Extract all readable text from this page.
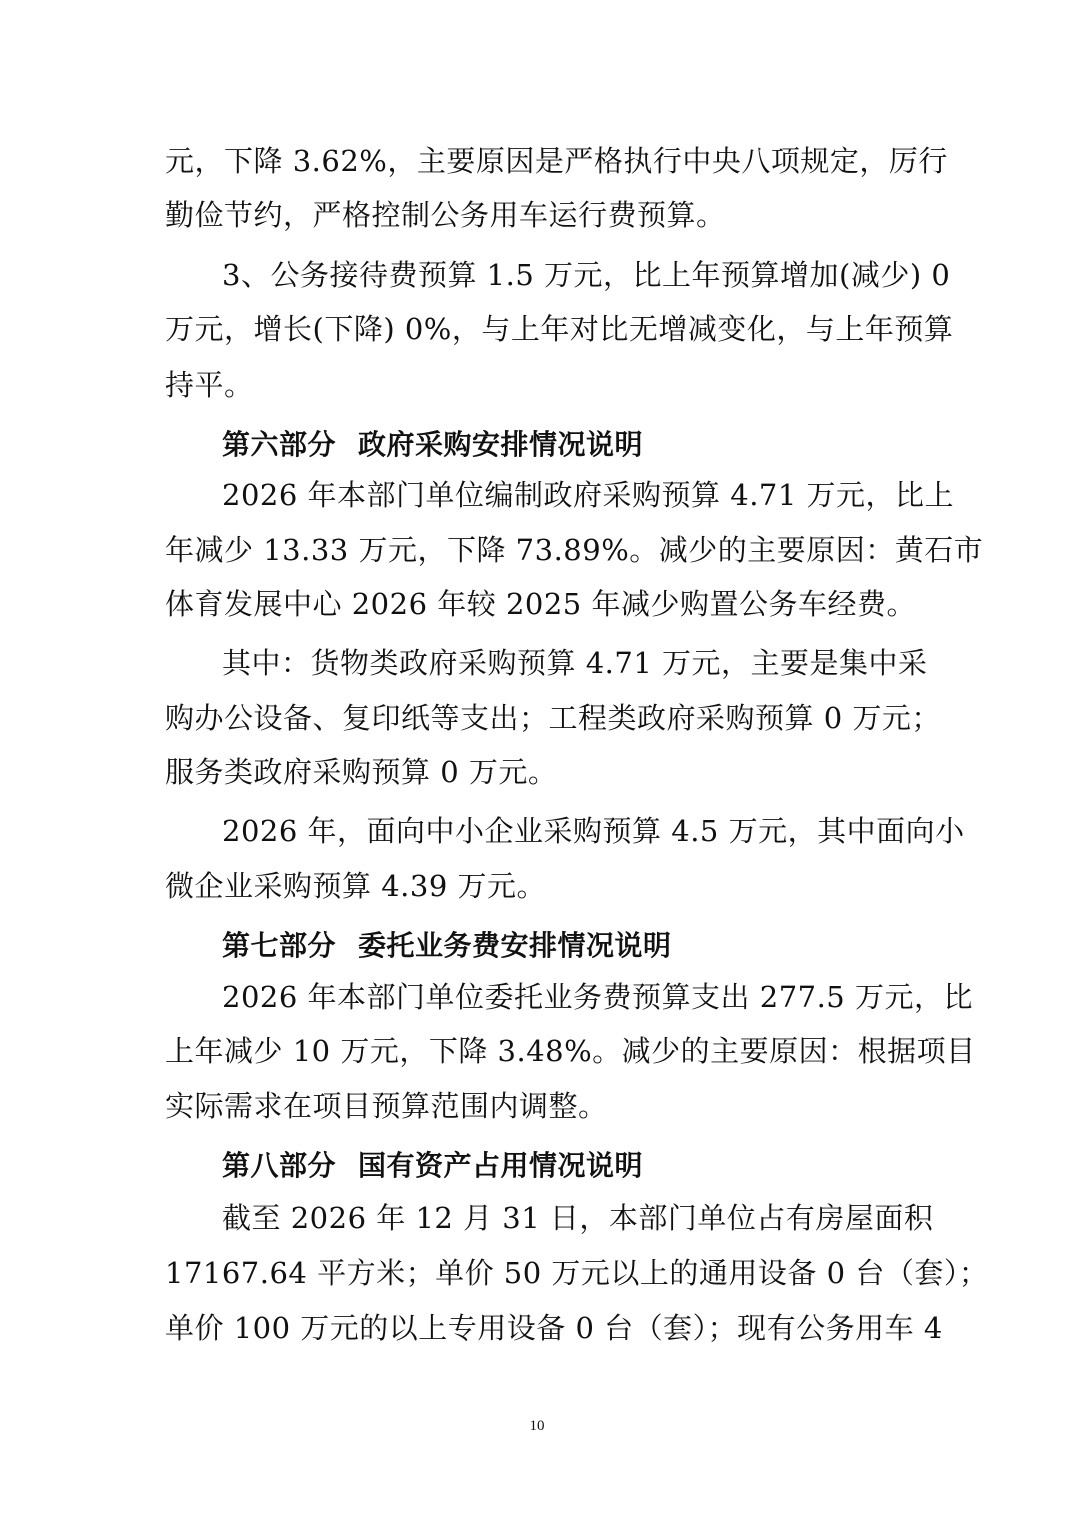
元，下降 3.62%，主要原因是严格执行中央八项规定，厉行
勤俭节约，严格控制公务用车运行费预算。
3、公务接待费预算 1.5 万元，比上年预算增加(减少) 0
万元，增长(下降) 0%，与上年对比无增减变化，与上年预算
持平。
第六部分 政府采购安排情况说明
2026 年本部门单位编制政府采购预算 4.71 万元，比上
年减少 13.33 万元，下降 73.89%。减少的主要原因：黄石市
体育发展中心 2026 年较 2025 年减少购置公务车经费。
其中：货物类政府采购预算 4.71 万元，主要是集中采
购办公设备、复印纸等支出；工程类政府采购预算 0 万元；
服务类政府采购预算 0 万元。
2026 年，面向中小企业采购预算 4.5 万元，其中面向小
微企业采购预算 4.39 万元。
第七部分 委托业务费安排情况说明
2026 年本部门单位委托业务费预算支出 277.5 万元，比
上年减少 10 万元，下降 3.48%。减少的主要原因：根据项目
实际需求在项目预算范围内调整。
第八部分 国有资产占用情况说明
截至 2026 年 12 月 31 日，本部门单位占有房屋面积
17167.64 平方米；单价 50 万元以上的通用设备 0 台（套）；
单价 100 万元的以上专用设备 0 台（套）；现有公务用车 4
10
